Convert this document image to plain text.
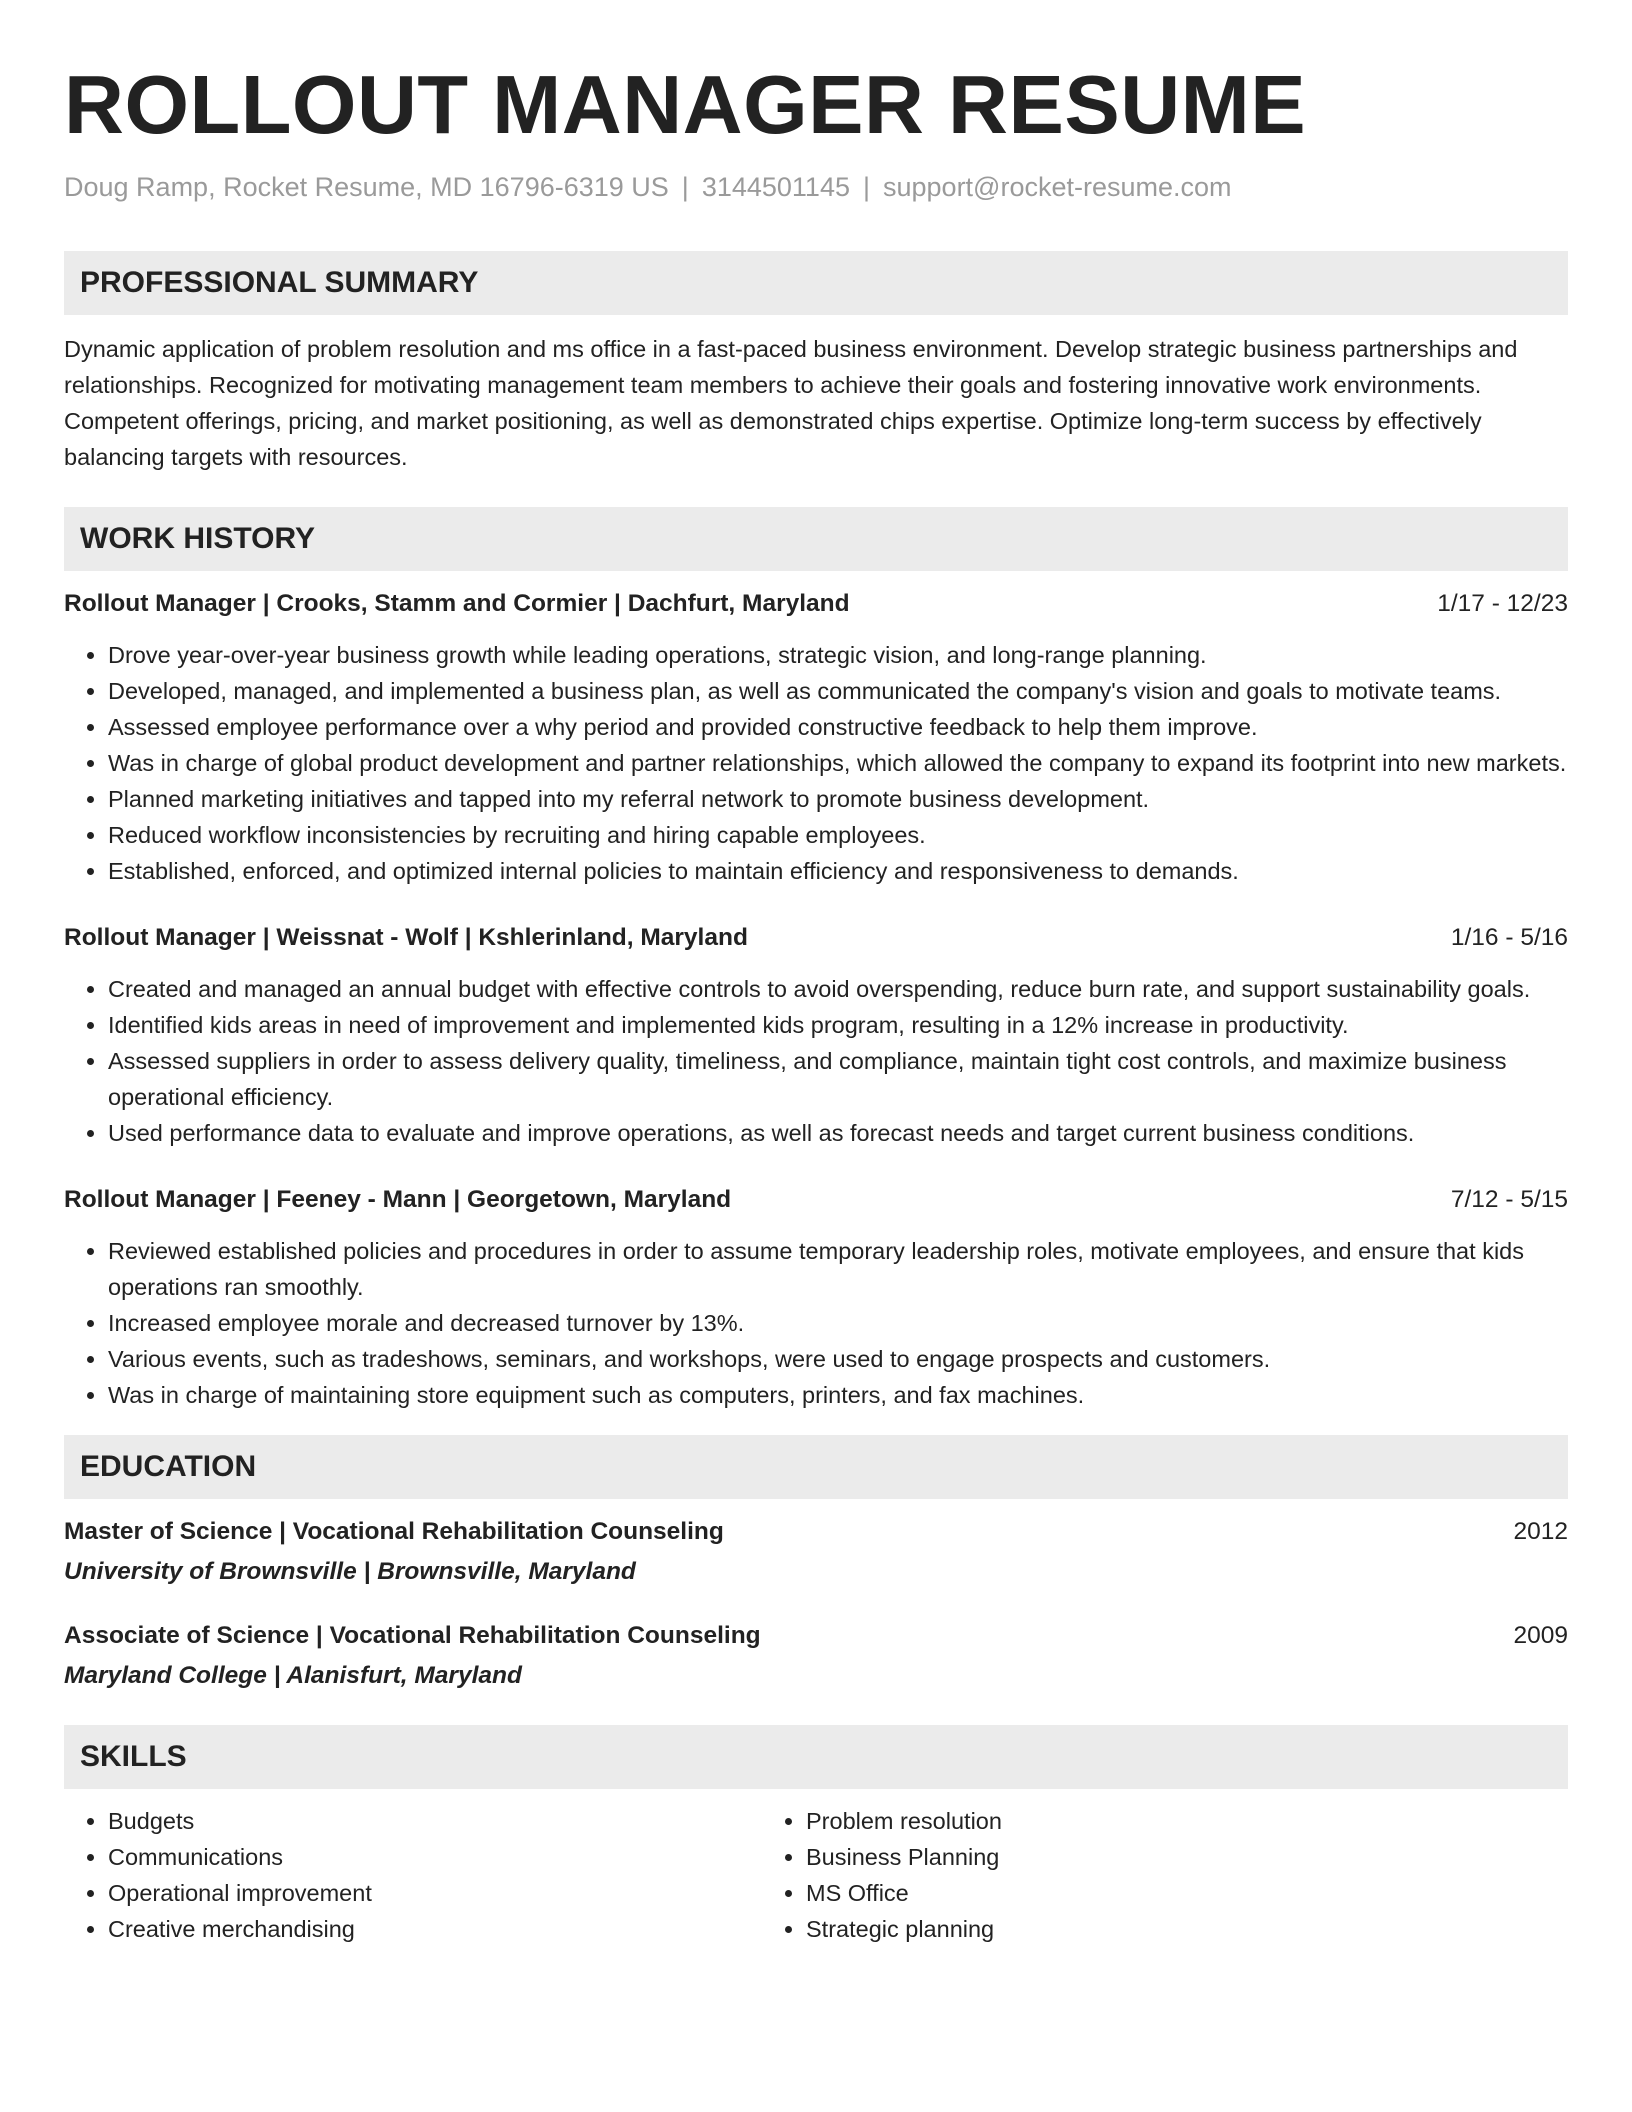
ROLLOUT MANAGER RESUME
Doug Ramp, Rocket Resume, MD 16796-6319 US | 3144501145 | support@rocket-resume.com
PROFESSIONAL SUMMARY

Dynamic application of problem resolution and ms office in a fast-paced business environment. Develop strategic business partnerships and relationships. Recognized for motivating management team members to achieve their goals and fostering innovative work environments. Competent offerings, pricing, and market positioning, as well as demonstrated chips expertise. Optimize long-term success by effectively balancing targets with resources.

WORK HISTORY
Rollout Manager | Crooks, Stamm and Cormier | Dachfurt, Maryland	1/17 - 12/23
• Drove year-over-year business growth while leading operations, strategic vision, and long-range planning.
• Developed, managed, and implemented a business plan, as well as communicated the company's vision and goals to motivate teams.
• Assessed employee performance over a why period and provided constructive feedback to help them improve.
• Was in charge of global product development and partner relationships, which allowed the company to expand its footprint into new markets.
• Planned marketing initiatives and tapped into my referral network to promote business development.
• Reduced workflow inconsistencies by recruiting and hiring capable employees.
• Established, enforced, and optimized internal policies to maintain efficiency and responsiveness to demands.
Rollout Manager | Weissnat - Wolf | Kshlerinland, Maryland	1/16 - 5/16
• Created and managed an annual budget with effective controls to avoid overspending, reduce burn rate, and support sustainability goals.
• Identified kids areas in need of improvement and implemented kids program, resulting in a 12% increase in productivity.
• Assessed suppliers in order to assess delivery quality, timeliness, and compliance, maintain tight cost controls, and maximize business operational efficiency.
• Used performance data to evaluate and improve operations, as well as forecast needs and target current business conditions.
Rollout Manager | Feeney - Mann | Georgetown, Maryland	7/12 - 5/15
• Reviewed established policies and procedures in order to assume temporary leadership roles, motivate employees, and ensure that kids operations ran smoothly.
• Increased employee morale and decreased turnover by 13%.
• Various events, such as tradeshows, seminars, and workshops, were used to engage prospects and customers.
• Was in charge of maintaining store equipment such as computers, printers, and fax machines.
EDUCATION
Master of Science | Vocational Rehabilitation Counseling	2012
University of Brownsville | Brownsville, Maryland
Associate of Science | Vocational Rehabilitation Counseling	2009
Maryland College | Alanisfurt, Maryland
SKILLS
• Budgets
• Communications
• Operational improvement
• Creative merchandising
• Problem resolution
• Business Planning
• MS Office
• Strategic planning
